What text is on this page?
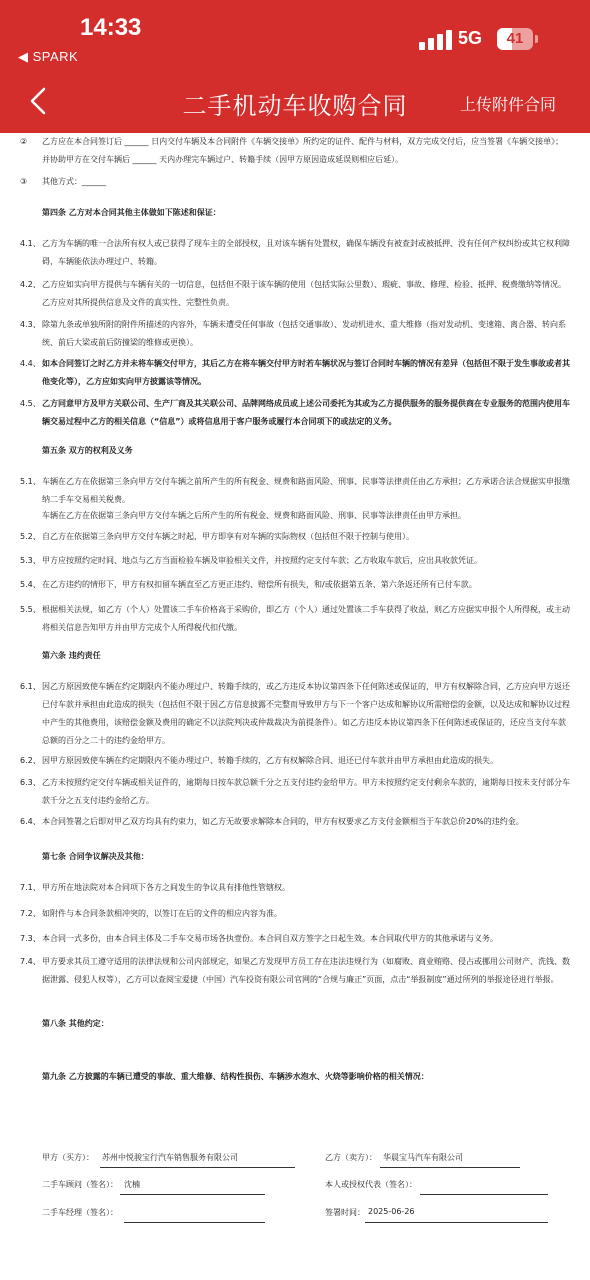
14:33
◀ SPARK
5G	41
二手机动车收购合同	上传附件合同
② 乙方应在本合同签订后 ______ 日内交付车辆及本合同附件《车辆交接单》所约定的证件、配件与材料，双方完成交付后，应当签署《车辆交接单》；并协助甲方在交付车辆后 ______ 天内办理完车辆过户、转籍手续（因甲方原因造成延误则相应后延）。
③ 其他方式：______
第四条 乙方对本合同其他主体做如下陈述和保证：
4.1、 乙方为车辆的唯一合法所有权人或已获得了现车主的全部授权，且对该车辆有处置权，确保车辆没有被查封或被抵押、没有任何产权纠纷或其它权利障碍，车辆能依法办理过户、转籍。
4.2、 乙方应如实向甲方提供与车辆有关的一切信息，包括但不限于该车辆的使用（包括实际公里数）、瑕疵、事故、修理、检验、抵押、税费缴纳等情况。乙方应对其所提供信息及文件的真实性、完整性负责。
4.3、 除第九条或单独所附的附件所描述的内容外，车辆未遭受任何事故（包括交通事故）、发动机进水、重大维修（指对发动机、变速箱、离合器、转向系统、前后大梁或前后防撞梁的维修或更换）。
4.4、 如本合同签订之时乙方并未将车辆交付甲方，其后乙方在将车辆交付甲方时若车辆状况与签订合同时车辆的情况有差异（包括但不限于发生事故或者其他变化等），乙方应如实向甲方披露该等情况。
4.5、 乙方同意甲方及甲方关联公司、生产厂商及其关联公司、品牌网络成员或上述公司委托为其或为乙方提供服务的服务提供商在专业服务的范围内使用车辆交易过程中乙方的相关信息（“信息”）或将信息用于客户服务或履行本合同项下的或法定的义务。
第五条 双方的权利及义务
5.1、 车辆在乙方在依据第三条向甲方交付车辆之前所产生的所有税金、规费和路面风险、刑事、民事等法律责任由乙方承担；乙方承诺合法合规据实申报缴纳二手车交易相关税费。
车辆在乙方在依据第三条向甲方交付车辆之后所产生的所有税金、规费和路面风险、刑事、民事等法律责任由甲方承担。
5.2、 自乙方在依据第三条向甲方交付车辆之时起，甲方即享有对车辆的实际物权（包括但不限于控制与使用）。
5.3、 甲方应按照约定时间、地点与乙方当面检验车辆及审验相关文件，并按照约定支付车款；乙方收取车款后，应出具收款凭证。
5.4、 在乙方违约的情形下，甲方有权扣留车辆直至乙方更正违约、赔偿所有损失，和/或依据第五条、第六条返还所有已付车款。
5.5、 根据相关法规，如乙方（个人）处置该二手车价格高于采购价，即乙方（个人）通过处置该二手车获得了收益，则乙方应据实申报个人所得税，或主动将相关信息告知甲方并由甲方完成个人所得税代扣代缴。
第六条 违约责任
6.1、 因乙方原因致使车辆在约定期限内不能办理过户、转籍手续的，或乙方违反本协议第四条下任何陈述或保证的，甲方有权解除合同，乙方应向甲方返还已付车款并承担由此造成的损失（包括但不限于因乙方信息披露不完整而导致甲方与下一个客户达成和解协议所需赔偿的金额，以及达成和解协议过程中产生的其他费用，该赔偿金额及费用的确定不以法院判决或仲裁裁决为前提条件）。如乙方违反本协议第四条下任何陈述或保证的，还应当支付车款总额的百分之二十的违约金给甲方。
6.2、 因甲方原因致使车辆在约定期限内不能办理过户、转籍手续的，乙方有权解除合同、退还已付车款并由甲方承担由此造成的损失。
6.3、 乙方未按照约定交付车辆或相关证件的，逾期每日按车款总额千分之五支付违约金给甲方。甲方未按照约定支付剩余车款的，逾期每日按未支付部分车款千分之五支付违约金给乙方。
6.4、 本合同签署之后即对甲乙双方均具有约束力，如乙方无故要求解除本合同的，甲方有权要求乙方支付金额相当于车款总价20%的违约金。
第七条 合同争议解决及其他：
7.1、 甲方所在地法院对本合同项下各方之间发生的争议具有排他性管辖权。
7.2、 如附件与本合同条款相冲突的，以签订在后的文件的相应内容为准。
7.3、 本合同一式多份，由本合同主体及二手车交易市场各执壹份。本合同自双方签字之日起生效。本合同取代甲方的其他承诺与义务。
7.4、 甲方要求其员工遵守适用的法律法规和公司内部规定，如果乙方发现甲方员工存在违法违规行为（如腐败、商业贿赂、侵占或挪用公司财产、洗钱、数据泄露、侵犯人权等），乙方可以查阅宝爱捷（中国）汽车投资有限公司官网的“合规与廉正”页面，点击“举报制度”通过所列的举报途径进行举报。
第八条 其他约定：
第九条 乙方披露的车辆已遭受的事故、重大维修、结构性损伤、车辆涉水泡水、火烧等影响价格的相关情况：
甲方（买方）： 苏州中悦骏宝行汽车销售服务有限公司	乙方（卖方）： 华晨宝马汽车有限公司
二手车顾问（签名）： 沈楠	本人或授权代表（签名）：
二手车经理（签名）：	签署时间： 2025-06-26
